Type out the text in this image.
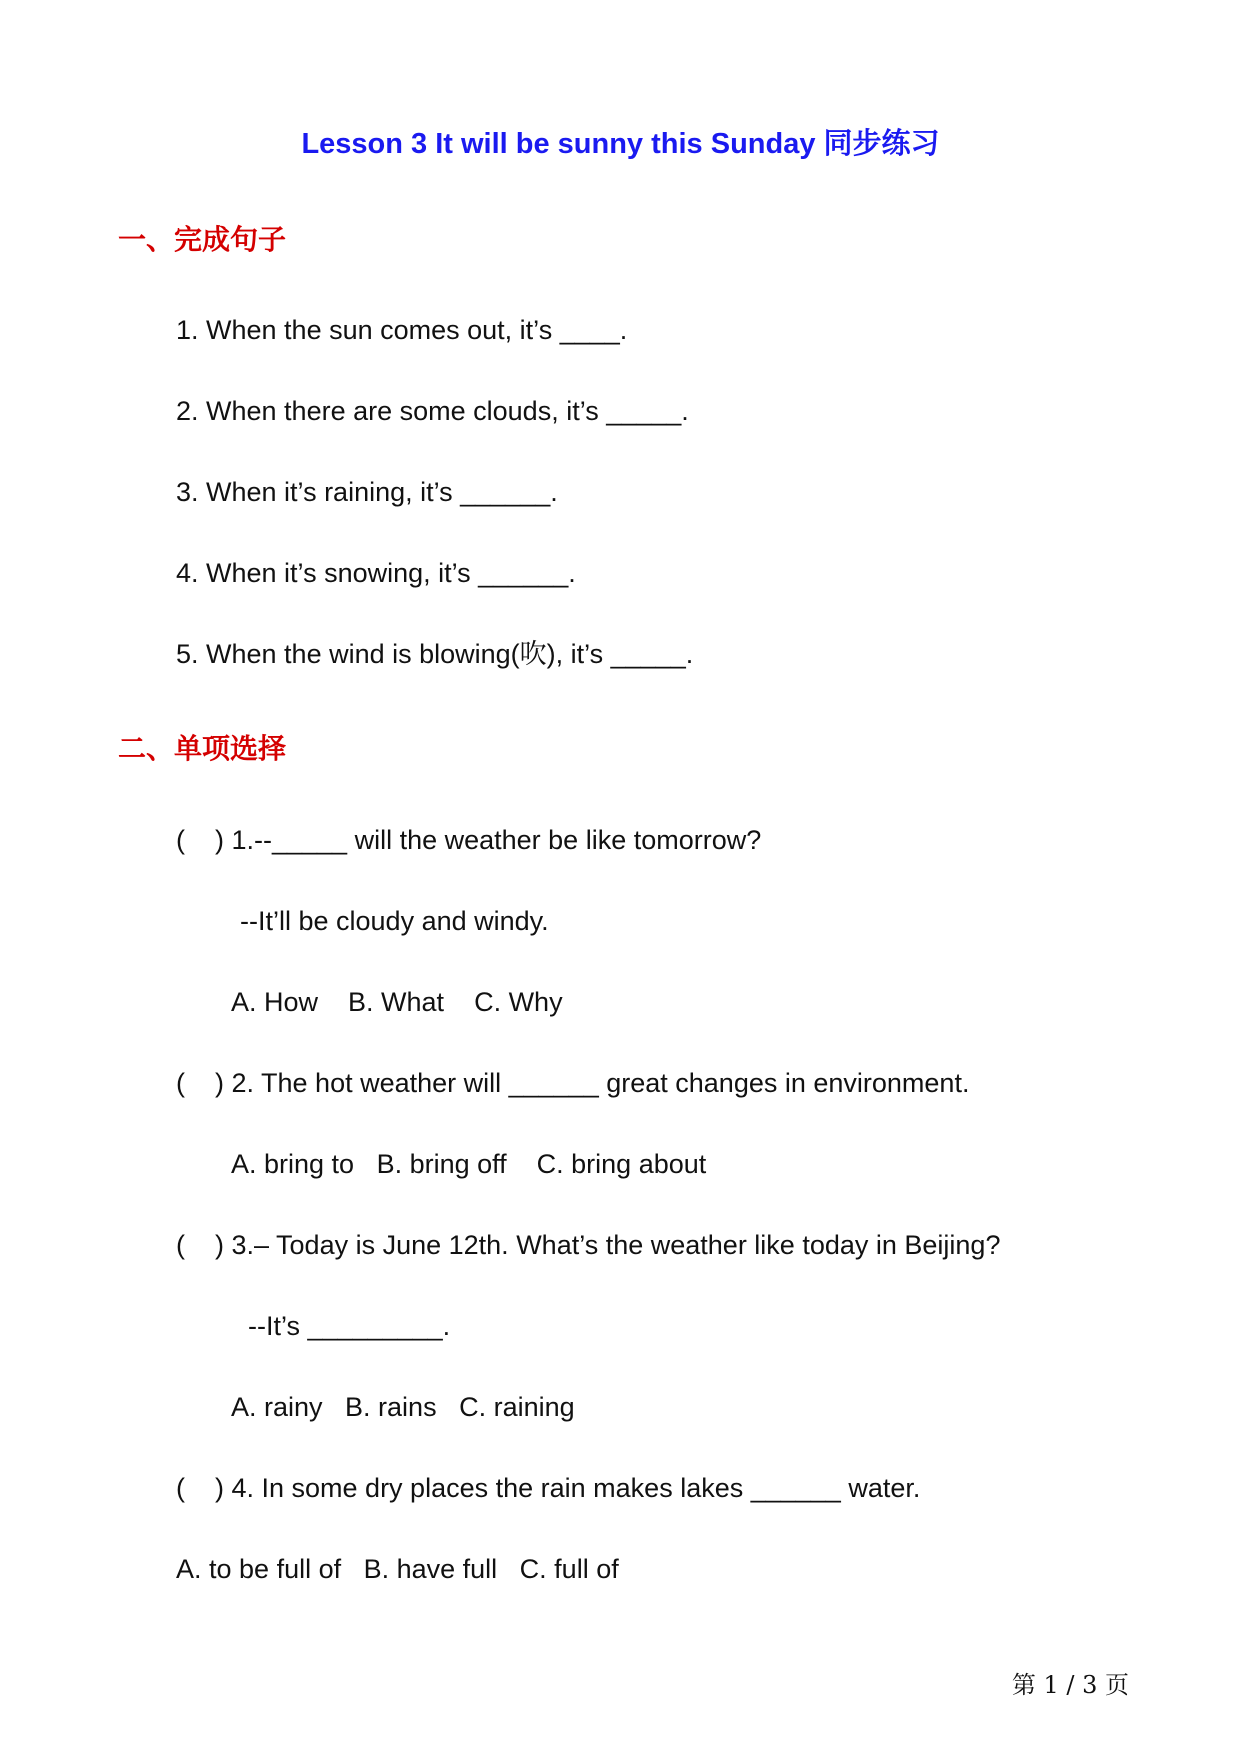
Lesson 3 It will be sunny this Sunday 同步练习
一、完成句子
1. When the sun comes out, it’s ____.
2. When there are some clouds, it’s _____.
3. When it’s raining, it’s ______.
4. When it’s snowing, it’s ______.
5. When the wind is blowing(吹), it’s _____.
二、单项选择
(    ) 1.--_____ will the weather be like tomorrow?
--It’ll be cloudy and windy.
A. How    B. What    C. Why
(    ) 2. The hot weather will ______ great changes in environment.
A. bring to   B. bring off    C. bring about
(    ) 3.– Today is June 12th. What’s the weather like today in Beijing?
--It’s _________.
A. rainy   B. rains   C. raining
(    ) 4. In some dry places the rain makes lakes ______ water.
A. to be full of   B. have full   C. full of
第 1 / 3 页
